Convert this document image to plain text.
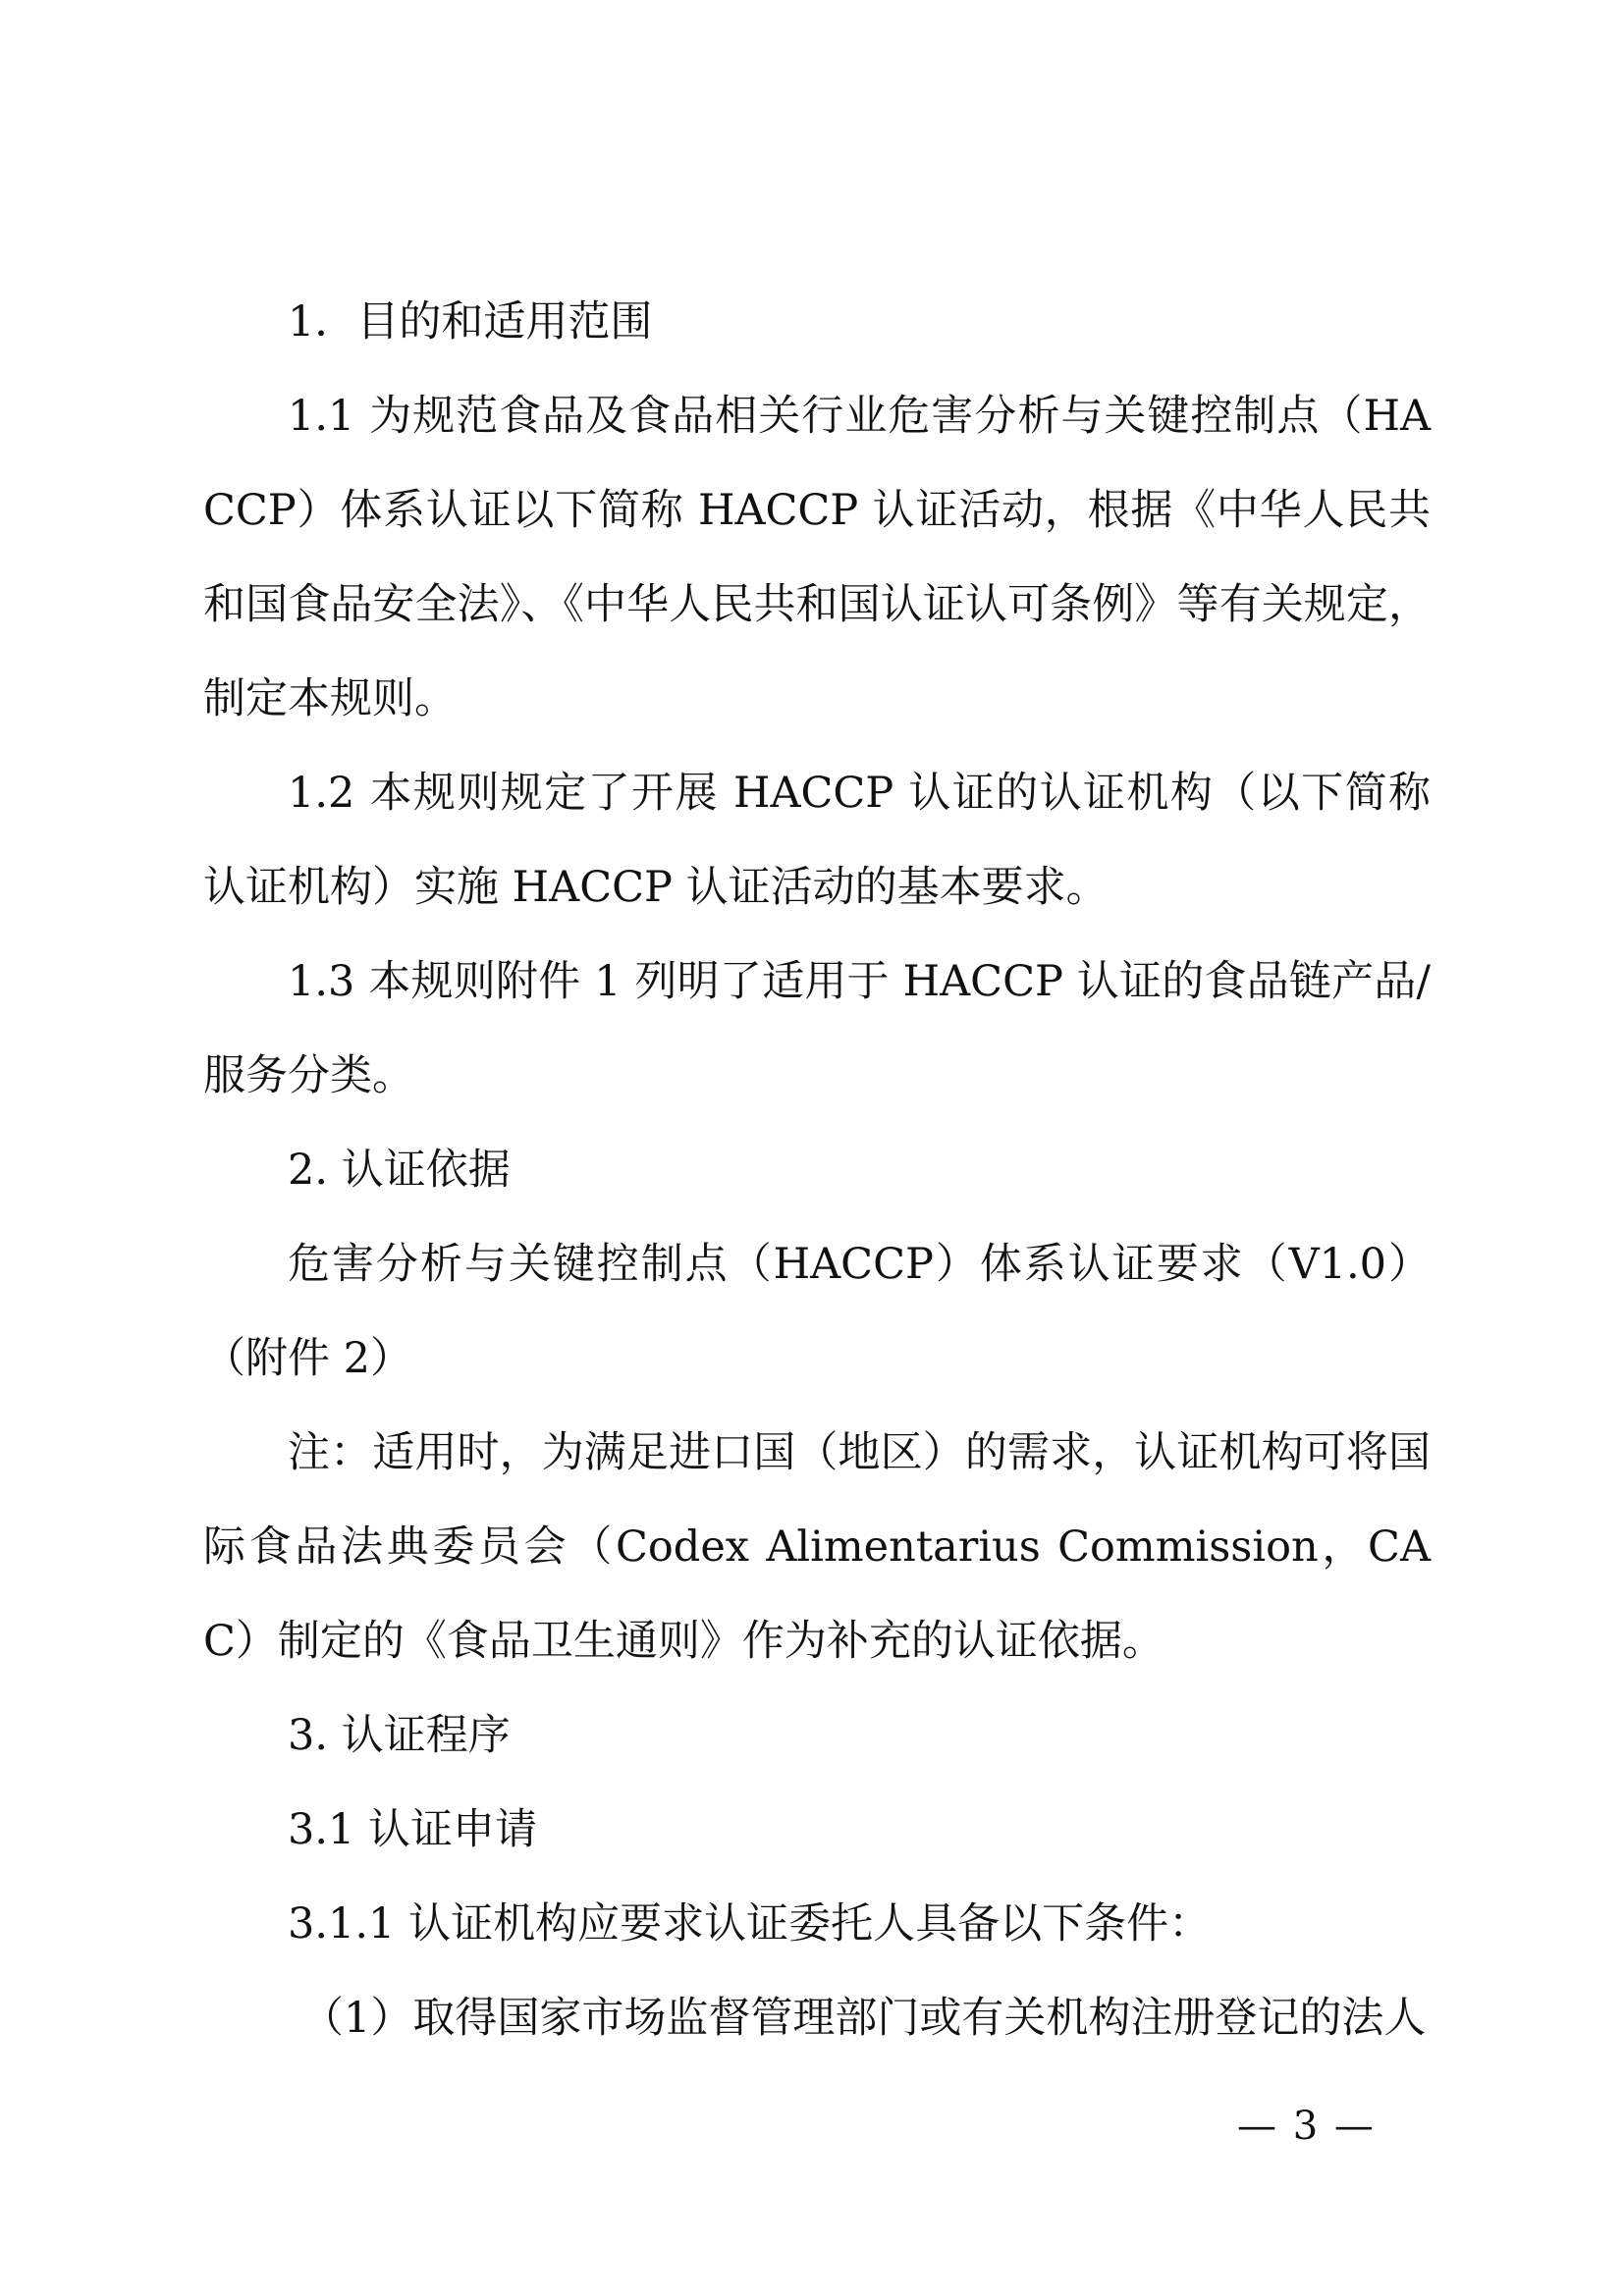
1．目的和适用范围

1.1 为规范食品及食品相关行业危害分析与关键控制点（HACCP）体系认证以下简称 HACCP 认证活动，根据《中华人民共和国食品安全法》、《中华人民共和国认证认可条例》等有关规定，制定本规则。

1.2 本规则规定了开展 HACCP 认证的认证机构（以下简称认证机构）实施 HACCP 认证活动的基本要求。

1.3 本规则附件 1 列明了适用于 HACCP 认证的食品链产品/服务分类。

2. 认证依据

危害分析与关键控制点（HACCP）体系认证要求（V1.0）（附件 2）

注：适用时，为满足进口国（地区）的需求，认证机构可将国际食品法典委员会（Codex Alimentarius Commission，CAC）制定的《食品卫生通则》作为补充的认证依据。

3. 认证程序

3.1 认证申请

3.1.1 认证机构应要求认证委托人具备以下条件：

（1）取得国家市场监督管理部门或有关机构注册登记的法人

— 3 —
